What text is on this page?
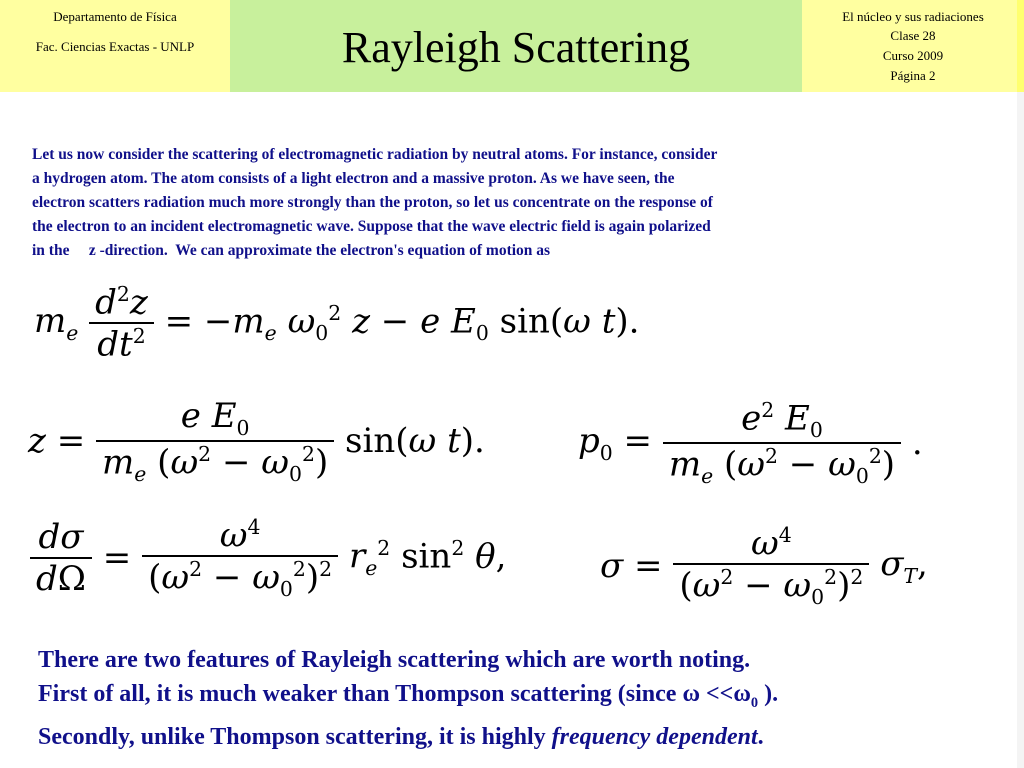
Departamento de Física
Fac. Ciencias Exactas - UNLP	Rayleigh Scattering
El núcleo y sus radiaciones
Clase 28
Curso 2009
Página 2
Let us now consider the scattering of electromagnetic radiation by neutral atoms. For instance, consider
a hydrogen atom. The atom consists of a light electron and a massive proton. As we have seen, the
electron scatters radiation much more strongly than the proton, so let us concentrate on the response of
the electron to an incident electromagnetic wave. Suppose that the wave electric field is again polarized
in the     z -direction.  We can approximate the electron's equation of motion as
$m_e \frac{d^2z}{dt^2} = -m_e$ $\omega_0^2$ z − e $E_0$ sin(ω t).
$z = \frac{e E_0}{m_e (\omega^2 - \omega_0^2)} \sin(\omega$ t).	$p_0 = \frac{e^2 E_0}{m_e (\omega^2 - \omega_0^2)}$ .
$\frac{d\sigma}{d\Omega} = \frac{\omega^4}{(\omega^2 - \omega_0^2)^2} r_e^2$ $\sin^2 \theta$,	$\sigma = \frac{\omega^4}{(\omega^2 - \omega_0^2)^2} \sigma_T$,
There are two features of Rayleigh scattering which are worth noting.
First of all, it is much weaker than Thompson scattering (since $\omega <<\omega_0$ ).
Secondly, unlike Thompson scattering, it is highly frequency dependent.
